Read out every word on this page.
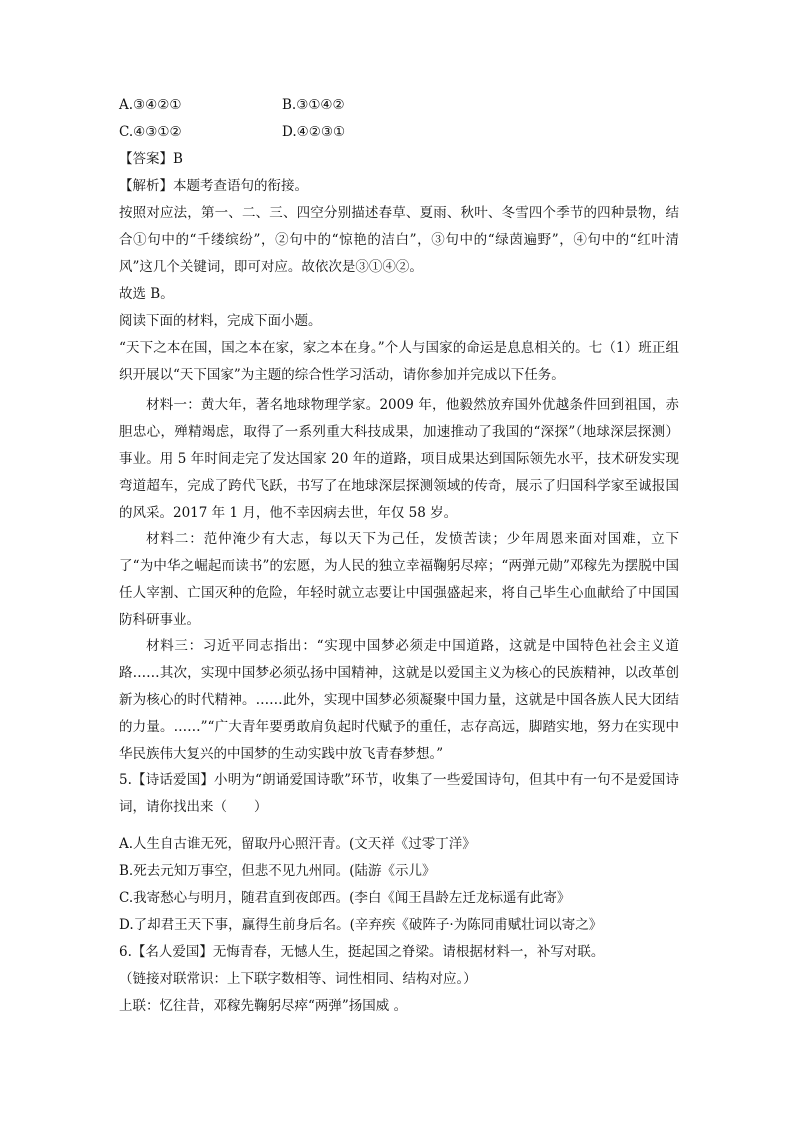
A.③④②①	B.③①④②
C.④③①②	D.④②③①
【答案】B
【解析】本题考查语句的衔接。
按照对应法，第一、二、三、四空分别描述春草、夏雨、秋叶、冬雪四个季节的四种景物，结合①句中的“千缕缤纷”，②句中的“惊艳的洁白”，③句中的“绿茵遍野”，④句中的“红叶清风”这几个关键词，即可对应。故依次是③①④②。
故选 B。
阅读下面的材料，完成下面小题。
“天下之本在国，国之本在家，家之本在身。”个人与国家的命运是息息相关的。七（1）班正组织开展以“天下国家”为主题的综合性学习活动，请你参加并完成以下任务。
材料一：黄大年，著名地球物理学家。2009 年，他毅然放弃国外优越条件回到祖国，赤胆忠心，殚精竭虑，取得了一系列重大科技成果，加速推动了我国的“深探”（地球深层探测）事业。用 5 年时间走完了发达国家 20 年的道路，项目成果达到国际领先水平，技术研发实现弯道超车，完成了跨代飞跃，书写了在地球深层探测领域的传奇，展示了归国科学家至诚报国的风采。2017 年 1 月，他不幸因病去世，年仅 58 岁。
材料二：范仲淹少有大志，每以天下为己任，发愤苦读；少年周恩来面对国难，立下了“为中华之崛起而读书”的宏愿，为人民的独立幸福鞠躬尽瘁；“两弹元勋”邓稼先为摆脱中国任人宰割、亡国灭种的危险，年轻时就立志要让中国强盛起来，将自己毕生心血献给了中国国防科研事业。
材料三：习近平同志指出：“实现中国梦必须走中国道路，这就是中国特色社会主义道路……其次，实现中国梦必须弘扬中国精神，这就是以爱国主义为核心的民族精神，以改革创新为核心的时代精神。……此外，实现中国梦必须凝聚中国力量，这就是中国各族人民大团结的力量。……”“广大青年要勇敢肩负起时代赋予的重任，志存高远，脚踏实地，努力在实现中华民族伟大复兴的中国梦的生动实践中放飞青春梦想。”
5.【诗话爱国】小明为“朗诵爱国诗歌”环节，收集了一些爱国诗句，但其中有一句不是爱国诗词，请你找出来（　　）
A.人生自古谁无死，留取丹心照汗青。(文天祥《过零丁洋》
B.死去元知万事空，但悲不见九州同。(陆游《示儿》
C.我寄愁心与明月，随君直到夜郎西。(李白《闻王昌龄左迁龙标遥有此寄》
D.了却君王天下事，赢得生前身后名。(辛弃疾《破阵子·为陈同甫赋壮词以寄之》
6.【名人爱国】无悔青春，无憾人生，挺起国之脊梁。请根据材料一，补写对联。
（链接对联常识：上下联字数相等、词性相同、结构对应。）
上联：忆往昔，邓稼先鞠躬尽瘁“两弹”扬国威 。
